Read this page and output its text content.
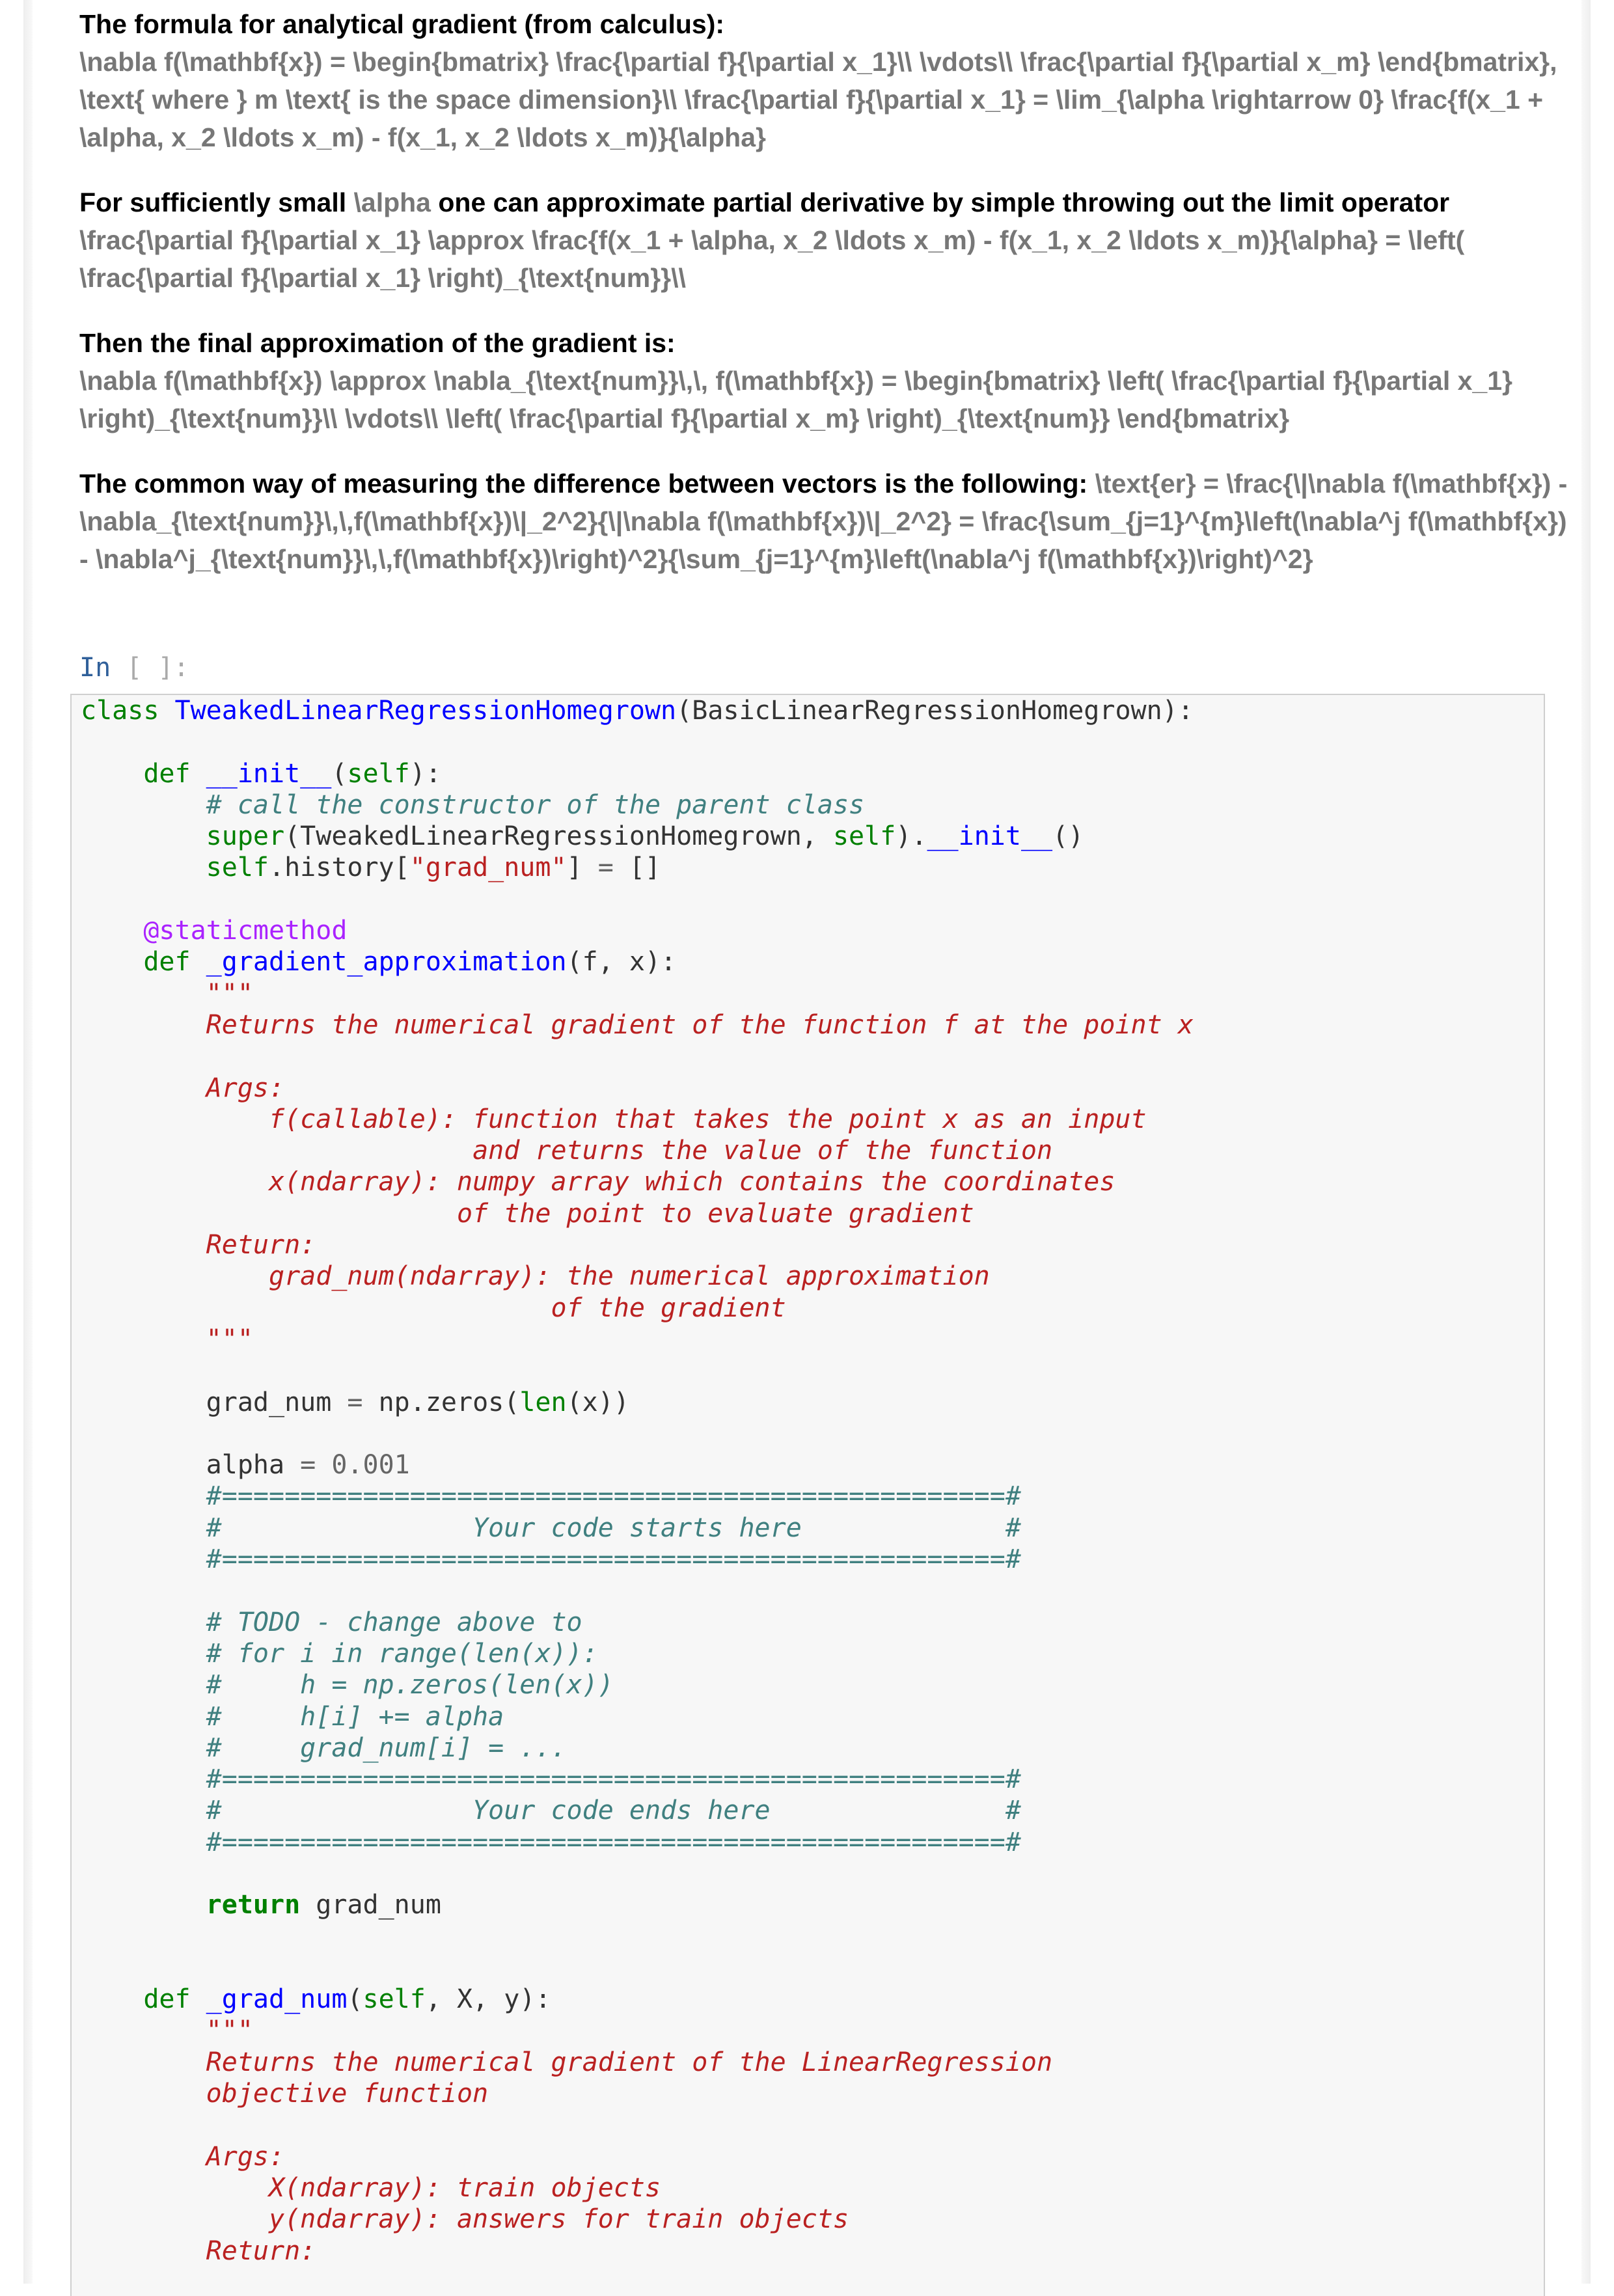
The formula for analytical gradient (from calculus):
\nabla f(\mathbf{x}) = \begin{bmatrix} \frac{\partial f}{\partial x_1}\\ \vdots\\ \frac{\partial f}{\partial x_m} \end{bmatrix}, \text{ where } m \text{ is the space dimension}\\ \frac{\partial f}{\partial x_1} = \lim_{\alpha \rightarrow 0} \frac{f(x_1 + \alpha, x_2 \ldots x_m) - f(x_1, x_2 \ldots x_m)}{\alpha}

For sufficiently small \alpha one can approximate partial derivative by simple throwing out the limit operator \frac{\partial f}{\partial x_1} \approx \frac{f(x_1 + \alpha, x_2 \ldots x_m) - f(x_1, x_2 \ldots x_m)}{\alpha} = \left( \frac{\partial f}{\partial x_1} \right)_{\text{num}}\\

Then the final approximation of the gradient is:
\nabla f(\mathbf{x}) \approx \nabla_{\text{num}}\,\, f(\mathbf{x}) = \begin{bmatrix} \left( \frac{\partial f}{\partial x_1} \right)_{\text{num}}\\ \vdots\\ \left( \frac{\partial f}{\partial x_m} \right)_{\text{num}} \end{bmatrix}

The common way of measuring the difference between vectors is the following: \text{er} = \frac{\|\nabla f(\mathbf{x}) - \nabla_{\text{num}}\,\,f(\mathbf{x})\|_2^2}{\|\nabla f(\mathbf{x})\|_2^2} = \frac{\sum_{j=1}^{m}\left(\nabla^j f(\mathbf{x}) - \nabla^j_{\text{num}}\,\,f(\mathbf{x})\right)^2}{\sum_{j=1}^{m}\left(\nabla^j f(\mathbf{x})\right)^2}

In [ ]:
class TweakedLinearRegressionHomegrown(BasicLinearRegressionHomegrown):
def __init__(self):
# call the constructor of the parent class
super(TweakedLinearRegressionHomegrown, self).__init__()
self.history["grad_num"] = []
@staticmethod
def _gradient_approximation(f, x):
"""
Returns the numerical gradient of the function f at the point x
Args:
f(callable): function that takes the point x as an input
and returns the value of the function
x(ndarray): numpy array which contains the coordinates
of the point to evaluate gradient
Return:
grad_num(ndarray): the numerical approximation
of the gradient
"""
grad_num = np.zeros(len(x))
alpha = 0.001
#==================================================#
#                Your code starts here             #
#==================================================#
# TODO - change above to
# for i in range(len(x)):
#     h = np.zeros(len(x))
#     h[i] += alpha
#     grad_num[i] = ...
#==================================================#
#                Your code ends here               #
#==================================================#
return grad_num
def _grad_num(self, X, y):
"""
Returns the numerical gradient of the LinearRegression
objective function
Args:
X(ndarray): train objects
y(ndarray): answers for train objects
Return:
